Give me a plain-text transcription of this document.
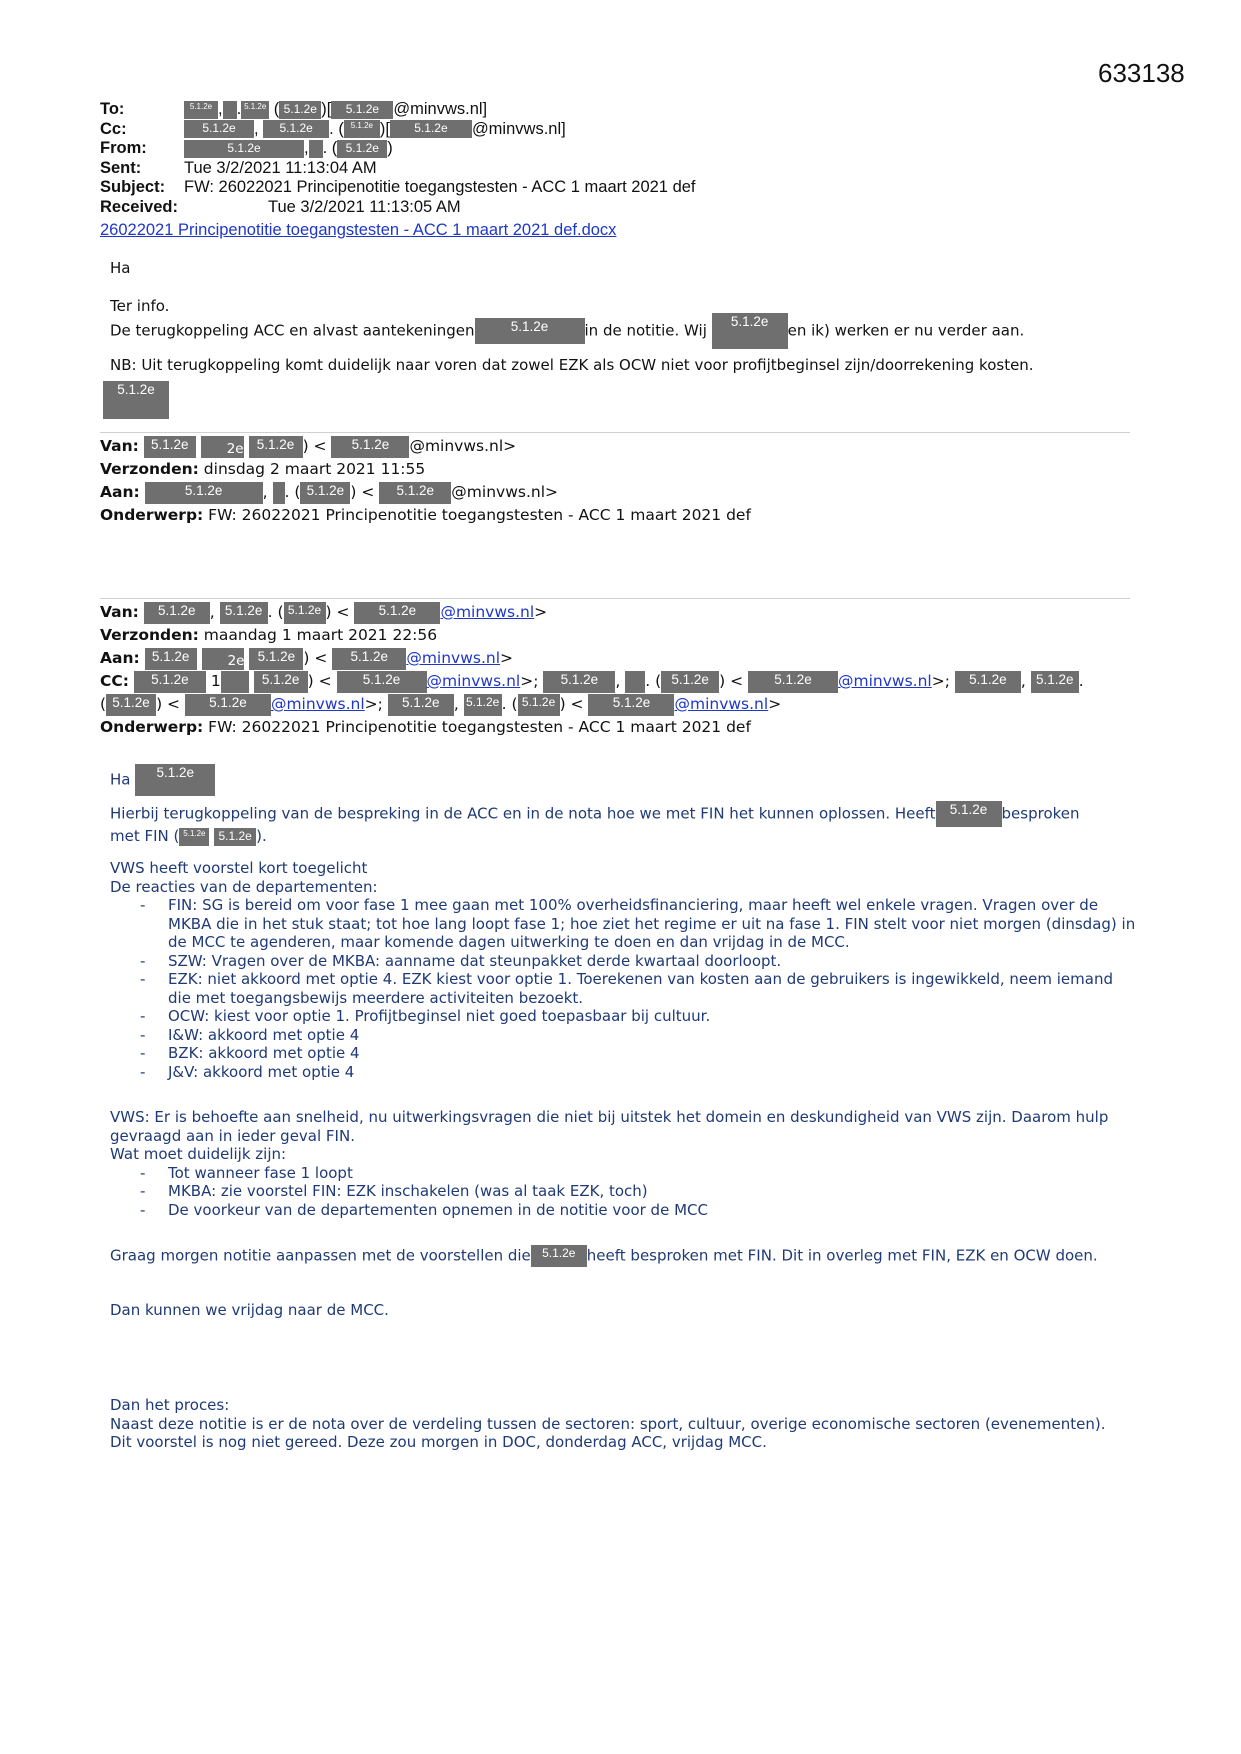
633138
To:	5.1.2e , . 5.1.2e ( 5.1.2e )[ 5.1.2e @minvws.nl]
Cc:	5.1.2e , 5.1.2e . ( 5.1.2e )[ 5.1.2e @minvws.nl]
From:	5.1.2e	, . ( 5.1.2e )
Sent:	Tue 3/2/2021 11:13:04 AM
Subject: FW: 26022021 Principenotitie toegangstesten - ACC 1 maart 2021 def
Received:	Tue 3/2/2021 11:13:05 AM
26022021 Principenotitie toegangstesten - ACC 1 maart 2021 def.docx
Ha
Ter info.
De terugkoppeling ACC en alvast aantekeningen	5.1.2e in de notitie. Wij 5.1.2e en ik) werken er nu verder aan.
NB: Uit terugkoppeling komt duidelijk naar voren dat zowel EZK als OCW niet voor profijtbeginsel zijn/doorrekening kosten.
5.1.2e
Van: 5.1.2e	2e 5.1.2e ) < 5.1.2e @minvws.nl>
Verzonden: dinsdag 2 maart 2021 11:55
Aan:	5.1.2e	, . ( 5.1.2e ) < 5.1.2e @minvws.nl>
Onderwerp: FW: 26022021 Principenotitie toegangstesten - ACC 1 maart 2021 def
Van: 5.1.2e , 5.1.2e . ( 5.1.2e ) < 5.1.2e @minvws.nl>
Verzonden: maandag 1 maart 2021 22:56
Aan: 5.1.2e	2e 5.1.2e ) < 5.1.2e @minvws.nl>
CC: 5.1.2e 1	5.1.2e ) < 5.1.2e @minvws.nl>; 5.1.2e , . ( 5.1.2e ) < 5.1.2e @minvws.nl>; 5.1.2e , 5.1.2e .
( 5.1.2e ) < 5.1.2e @minvws.nl>; 5.1.2e , 5.1.2e . ( 5.1.2e ) < 5.1.2e @minvws.nl>
Onderwerp: FW: 26022021 Principenotitie toegangstesten - ACC 1 maart 2021 def
Ha 5.1.2e
Hierbij terugkoppeling van de bespreking in de ACC en in de nota hoe we met FIN het kunnen oplossen. Heeft 5.1.2e besproken
met FIN ( 5.1.2e 5.1.2e ).
VWS heeft voorstel kort toegelicht
De reacties van de departementen:
- FIN: SG is bereid om voor fase 1 mee gaan met 100% overheidsfinanciering, maar heeft wel enkele vragen. Vragen over de MKBA die in het stuk staat; tot hoe lang loopt fase 1; hoe ziet het regime er uit na fase 1. FIN stelt voor niet morgen (dinsdag) in de MCC te agenderen, maar komende dagen uitwerking te doen en dan vrijdag in de MCC.
- SZW: Vragen over de MKBA: aanname dat steunpakket derde kwartaal doorloopt.
- EZK: niet akkoord met optie 4. EZK kiest voor optie 1. Toerekenen van kosten aan de gebruikers is ingewikkeld, neem iemand die met toegangsbewijs meerdere activiteiten bezoekt.
- OCW: kiest voor optie 1. Profijtbeginsel niet goed toepasbaar bij cultuur.
- I&W: akkoord met optie 4
- BZK: akkoord met optie 4
- J&V: akkoord met optie 4
VWS: Er is behoefte aan snelheid, nu uitwerkingsvragen die niet bij uitstek het domein en deskundigheid van VWS zijn. Daarom hulp gevraagd aan in ieder geval FIN.
Wat moet duidelijk zijn:
- Tot wanneer fase 1 loopt
- MKBA: zie voorstel FIN: EZK inschakelen (was al taak EZK, toch)
- De voorkeur van de departementen opnemen in de notitie voor de MCC
Graag morgen notitie aanpassen met de voorstellen die 5.1.2e heeft besproken met FIN. Dit in overleg met FIN, EZK en OCW doen.
Dan kunnen we vrijdag naar de MCC.
Dan het proces:
Naast deze notitie is er de nota over de verdeling tussen de sectoren: sport, cultuur, overige economische sectoren (evenementen). Dit voorstel is nog niet gereed. Deze zou morgen in DOC, donderdag ACC, vrijdag MCC.
